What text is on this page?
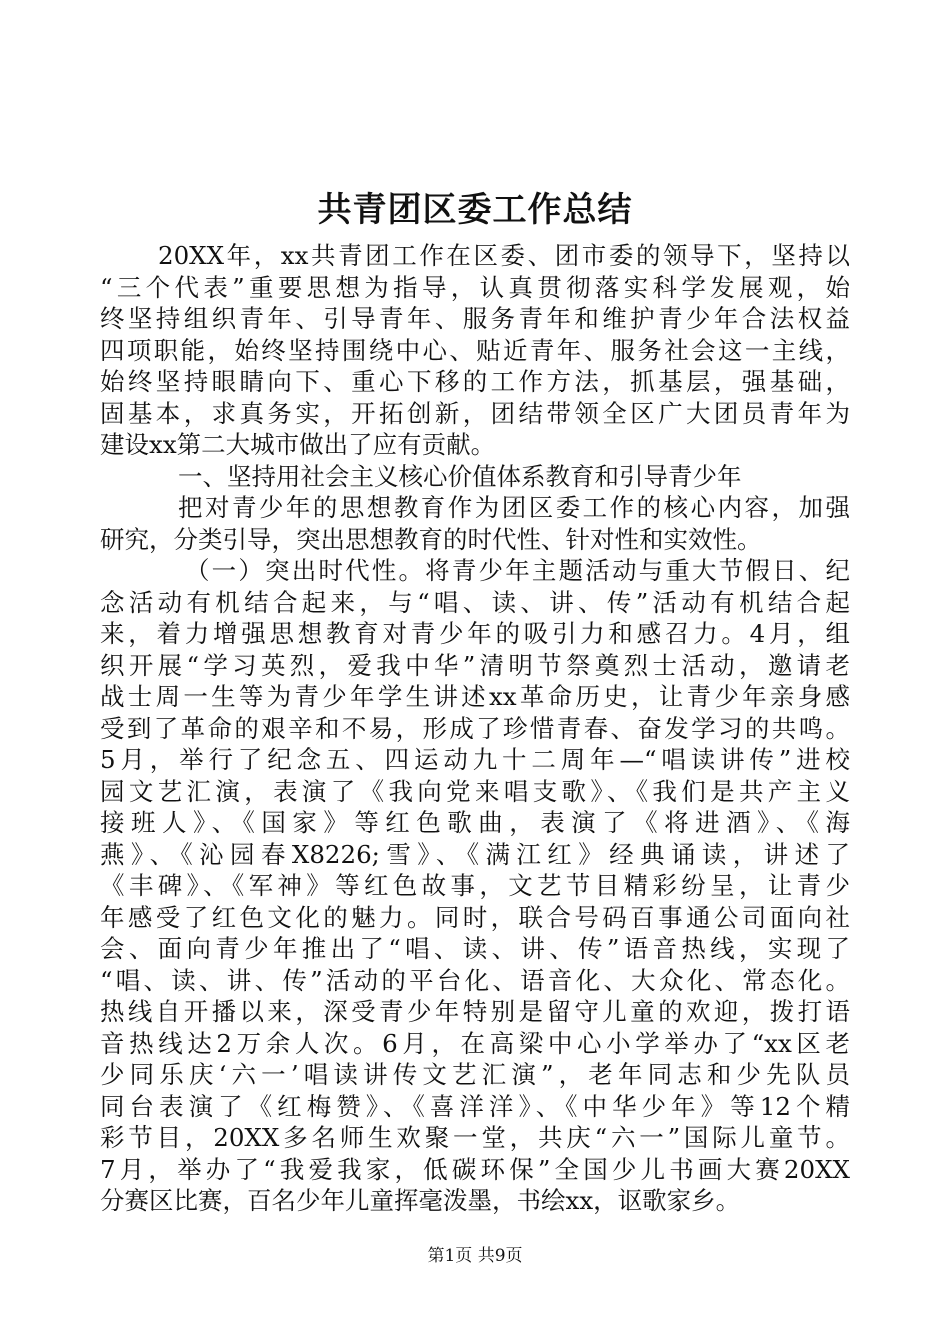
共青团区委工作总结
20XX年，xx共青团工作在区委、团市委的领导下，坚持以
“三个代表”重要思想为指导，认真贯彻落实科学发展观，始
终坚持组织青年、引导青年、服务青年和维护青少年合法权益
四项职能，始终坚持围绕中心、贴近青年、服务社会这一主线，
始终坚持眼睛向下、重心下移的工作方法，抓基层，强基础，
固基本，求真务实，开拓创新，团结带领全区广大团员青年为
建设xx第二大城市做出了应有贡献。
一、坚持用社会主义核心价值体系教育和引导青少年
把对青少年的思想教育作为团区委工作的核心内容，加强
研究，分类引导，突出思想教育的时代性、针对性和实效性。
（一）突出时代性。将青少年主题活动与重大节假日、纪
念活动有机结合起来，与“唱、读、讲、传”活动有机结合起
来，着力增强思想教育对青少年的吸引力和感召力。4月，组
织开展“学习英烈，爱我中华”清明节祭奠烈士活动，邀请老
战士周一生等为青少年学生讲述xx革命历史，让青少年亲身感
受到了革命的艰辛和不易，形成了珍惜青春、奋发学习的共鸣。
5月，举行了纪念五、四运动九十二周年—“唱读讲传”进校
园文艺汇演，表演了《我向党来唱支歌》、《我们是共产主义
接班人》、《国家》等红色歌曲，表演了《将进酒》、《海
燕》、《沁园春X8226;雪》、《满江红》经典诵读，讲述了
《丰碑》、《军神》等红色故事，文艺节目精彩纷呈，让青少
年感受了红色文化的魅力。同时，联合号码百事通公司面向社
会、面向青少年推出了“唱、读、讲、传”语音热线，实现了
“唱、读、讲、传”活动的平台化、语音化、大众化、常态化。
热线自开播以来，深受青少年特别是留守儿童的欢迎，拨打语
音热线达2万余人次。6月，在高梁中心小学举办了“xx区老
少同乐庆‘六一’唱读讲传文艺汇演”，老年同志和少先队员
同台表演了《红梅赞》、《喜洋洋》、《中华少年》等12个精
彩节目，20XX多名师生欢聚一堂，共庆“六一”国际儿童节。
7月，举办了“我爱我家，低碳环保”全国少儿书画大赛20XX
分赛区比赛，百名少年儿童挥毫泼墨，书绘xx，讴歌家乡。
第1页 共9页
